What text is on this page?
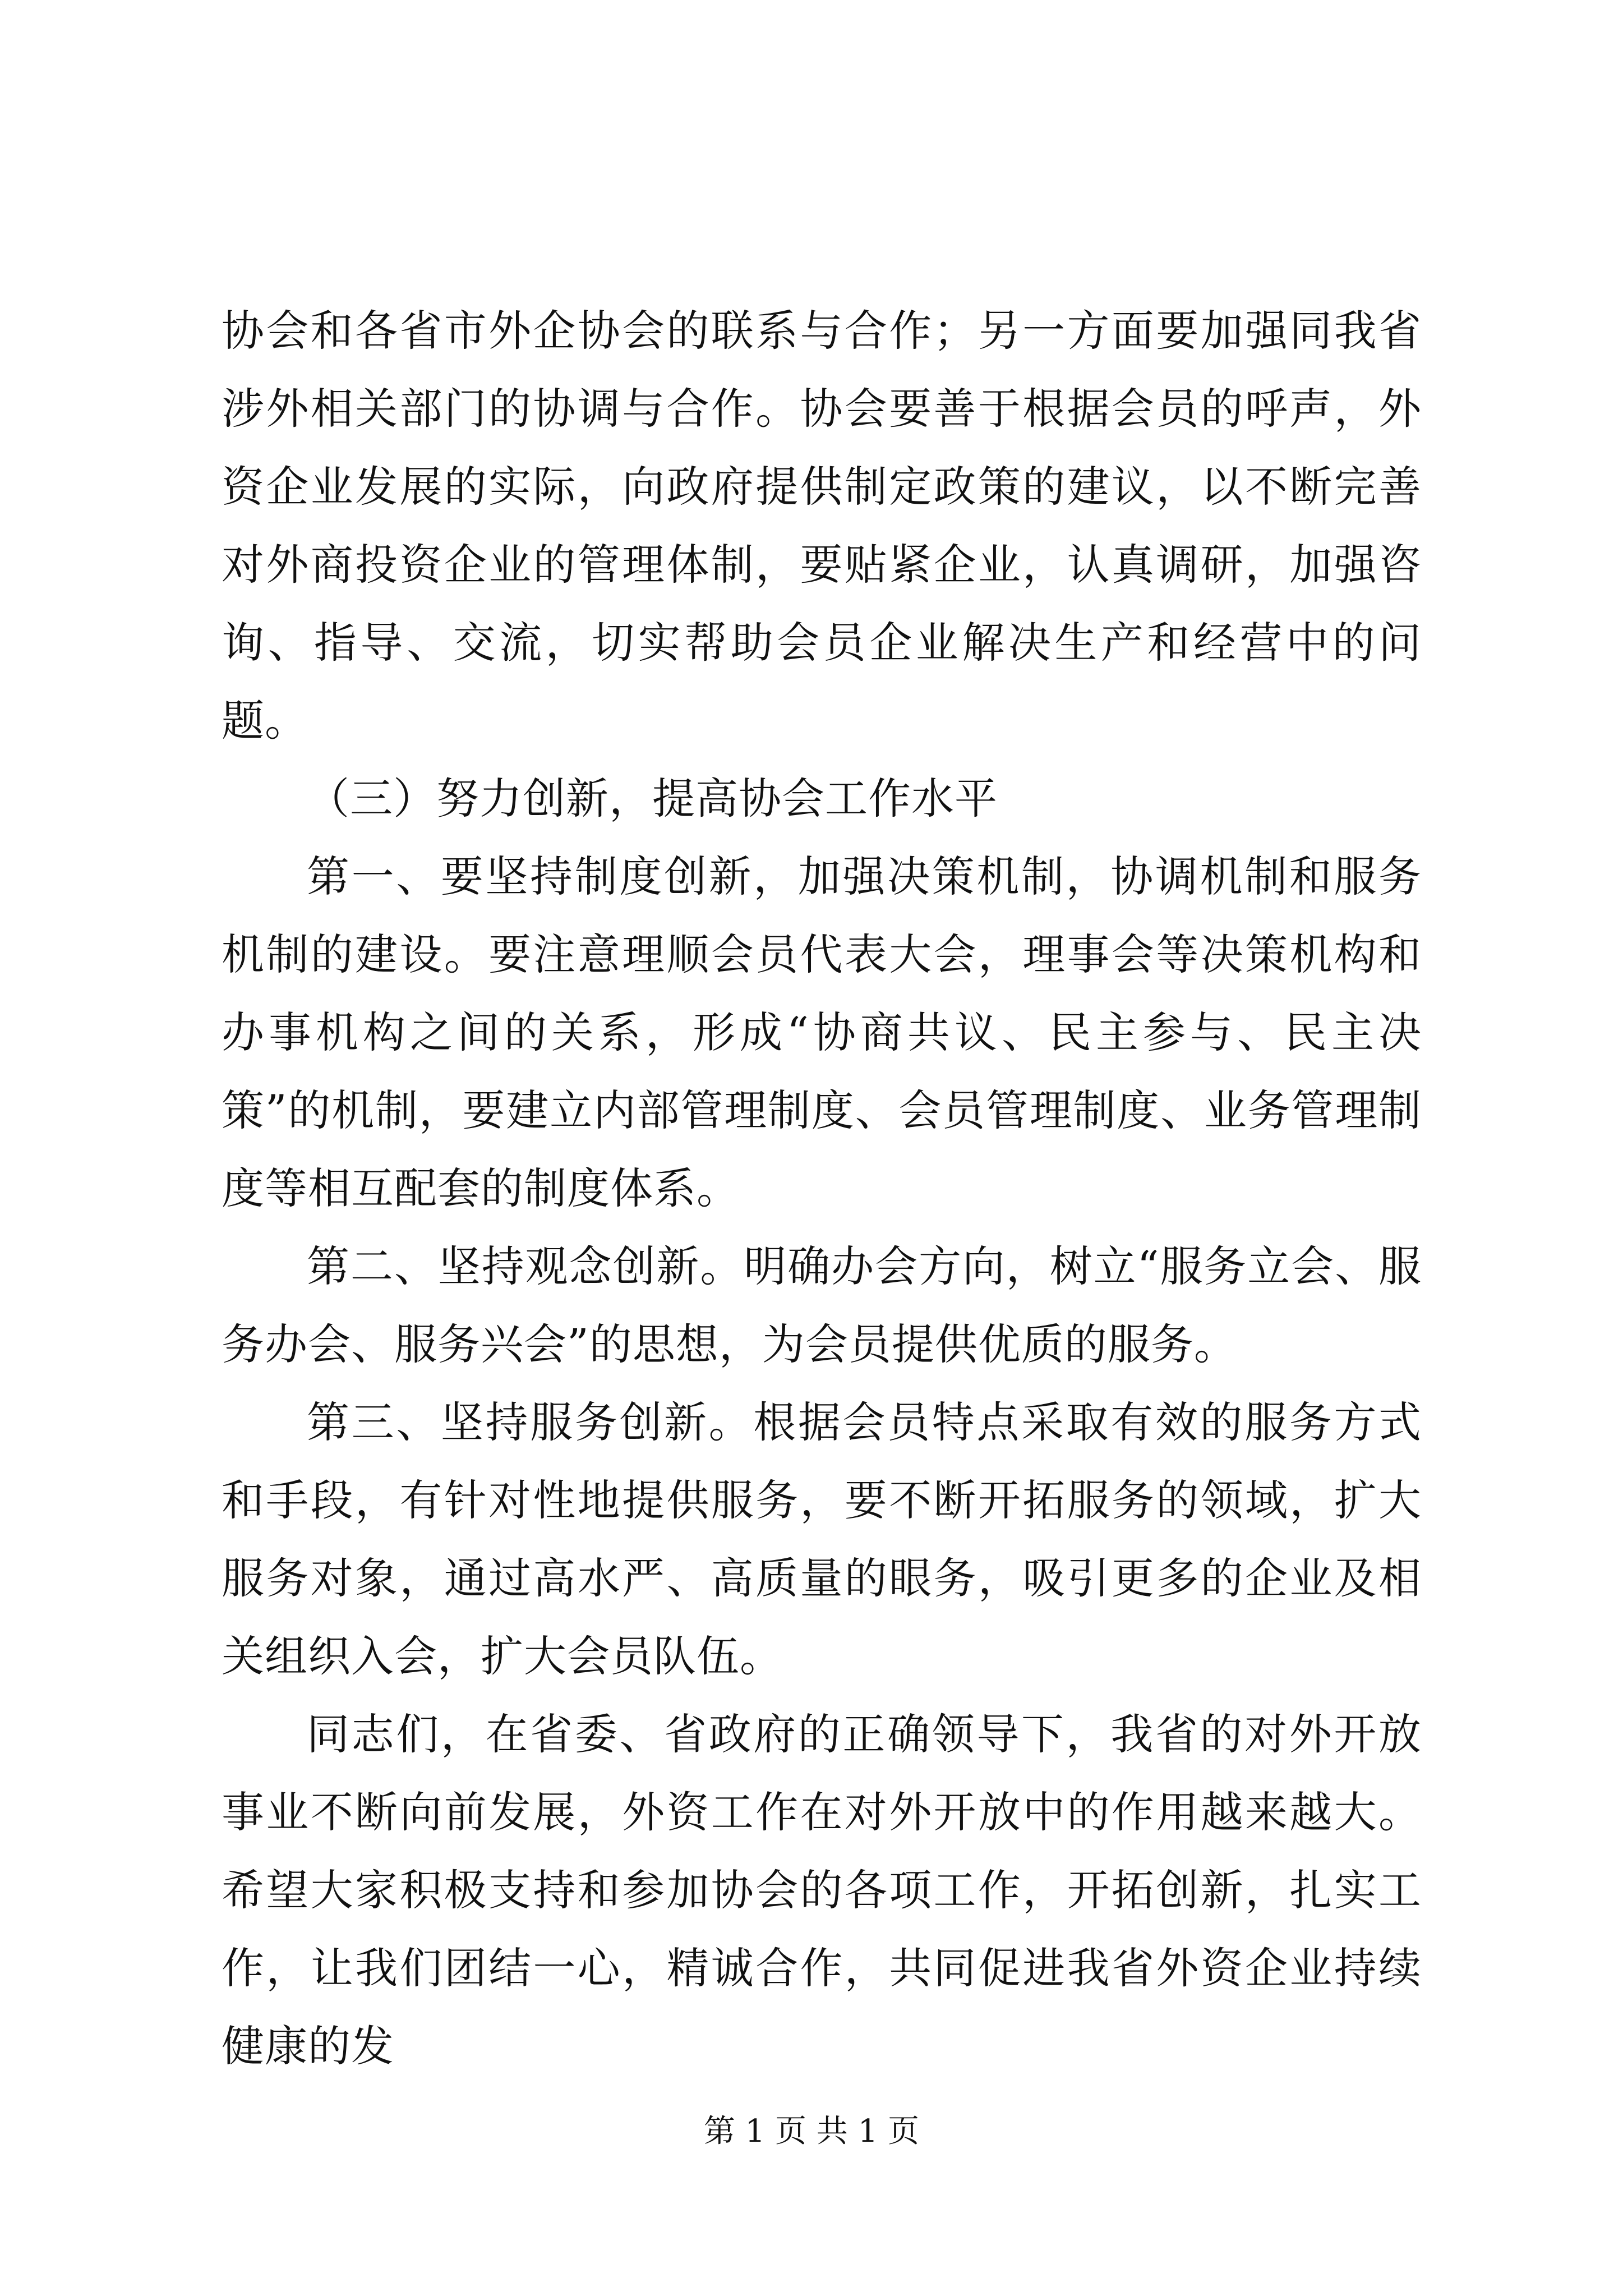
协会和各省市外企协会的联系与合作；另一方面要加强同我省涉外相关部门的协调与合作。协会要善于根据会员的呼声，外资企业发展的实际，向政府提供制定政策的建议，以不断完善对外商投资企业的管理体制，要贴紧企业，认真调研，加强咨询、指导、交流，切实帮助会员企业解决生产和经营中的问题。

（三）努力创新，提高协会工作水平

第一、要坚持制度创新，加强决策机制，协调机制和服务机制的建设。要注意理顺会员代表大会，理事会等决策机构和办事机构之间的关系，形成“协商共议、民主参与、民主决策”的机制，要建立内部管理制度、会员管理制度、业务管理制度等相互配套的制度体系。

第二、坚持观念创新。明确办会方向，树立“服务立会、服务办会、服务兴会”的思想，为会员提供优质的服务。

第三、坚持服务创新。根据会员特点采取有效的服务方式和手段，有针对性地提供服务，要不断开拓服务的领域，扩大服务对象，通过高水严、高质量的眼务，吸引更多的企业及相关组织入会，扩大会员队伍。

同志们，在省委、省政府的正确领导下，我省的对外开放事业不断向前发展，外资工作在对外开放中的作用越来越大。希望大家积极支持和参加协会的各项工作，开拓创新，扎实工作，让我们团结一心，精诚合作，共同促进我省外资企业持续健康的发

第 1 页 共 1 页
